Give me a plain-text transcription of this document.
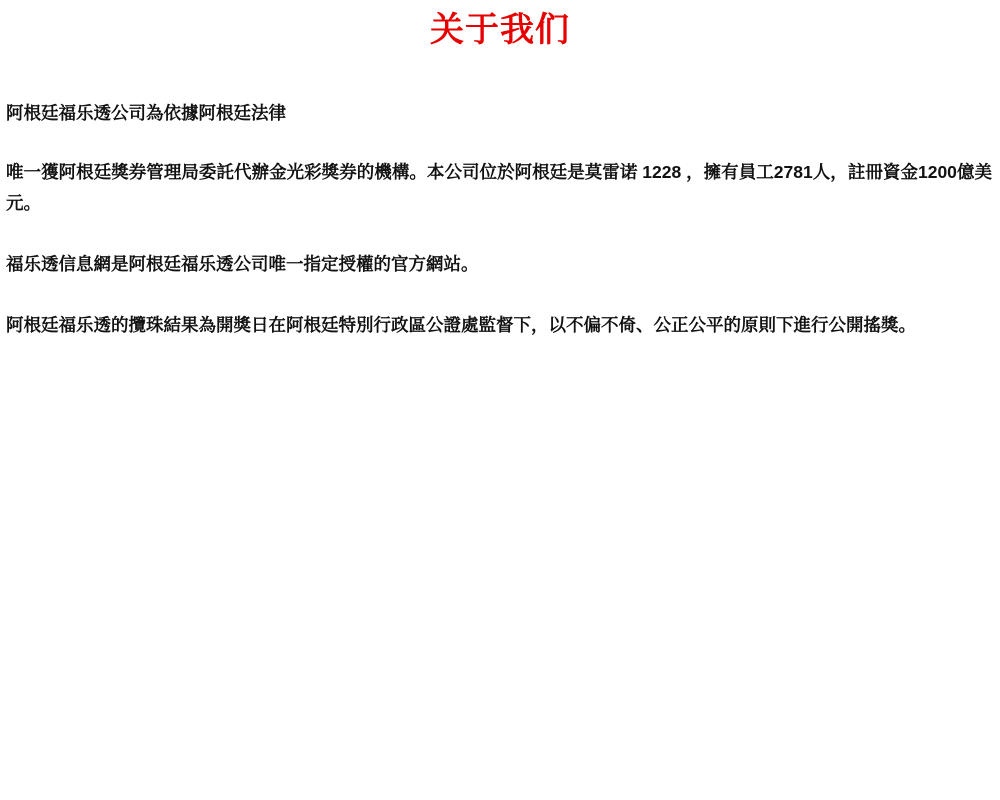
关于我们

阿根廷福乐透公司為依據阿根廷法律

唯一獲阿根廷獎券管理局委託代辦金光彩獎券的機構。本公司位於阿根廷是莫雷诺 1228 ，擁有員工2781人，註冊資金1200億美元。

福乐透信息網是阿根廷福乐透公司唯一指定授權的官方網站。

阿根廷福乐透的攬珠結果為開獎日在阿根廷特別行政區公證處監督下，以不偏不倚、公正公平的原則下進行公開搖獎。
